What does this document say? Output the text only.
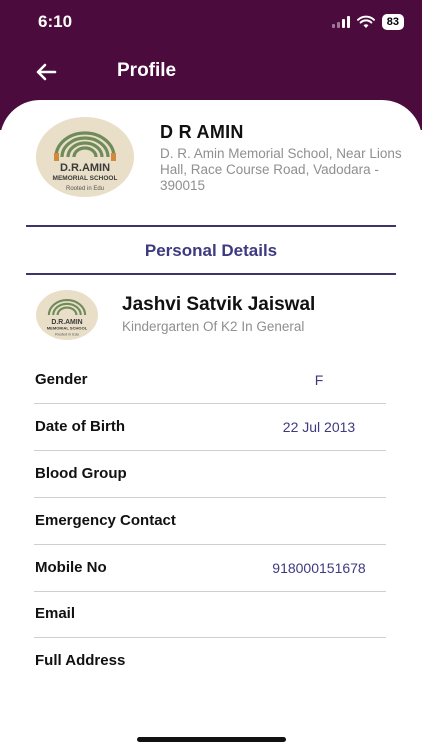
6:10	83
Profile
D.R.AMIN
MEMORIAL SCHOOL
Rooted in Edu
D R AMIN
D. R. Amin Memorial School, Near Lions Hall, Race Course Road, Vadodara - 390015
Personal Details
D.R.AMIN
MEMORIAL SCHOOL
Rooted in Edu
Jashvi Satvik Jaiswal
Kindergarten Of K2 In General
Gender	F
Date of Birth	22 Jul 2013
Blood Group
Emergency Contact
Mobile No	918000151678
Email
Full Address
